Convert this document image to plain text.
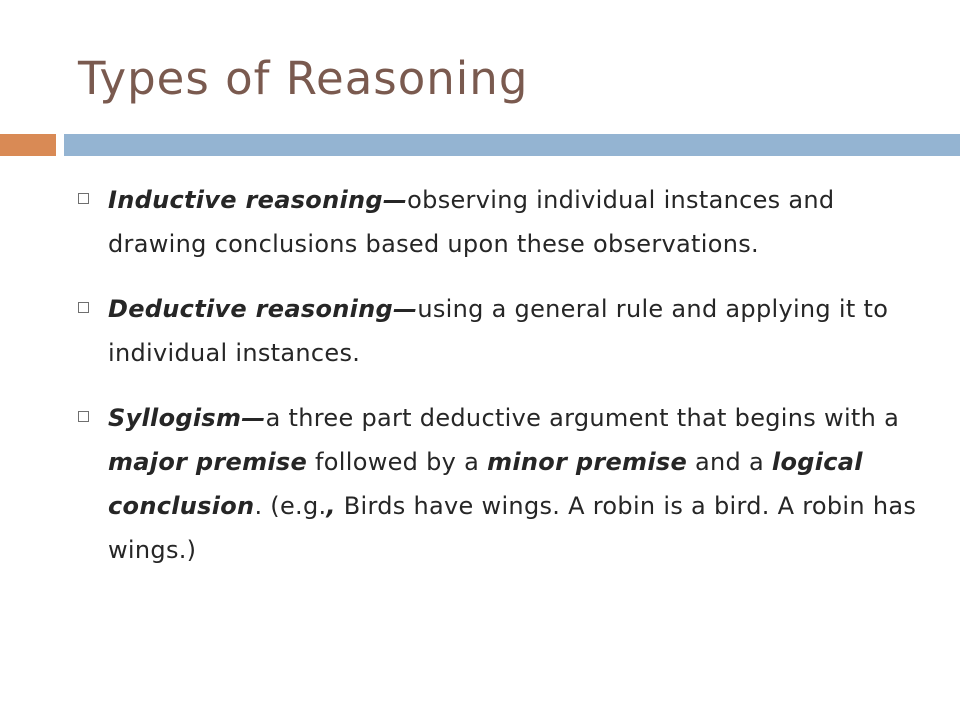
Types of Reasoning
Inductive reasoning—observing individual instances and drawing conclusions based upon these observations.
Deductive reasoning—using a general rule and applying it to individual instances.
Syllogism—a three part deductive argument that begins with a major premise followed by a minor premise and a logical conclusion. (e.g., Birds have wings. A robin is a bird. A robin has wings.)
